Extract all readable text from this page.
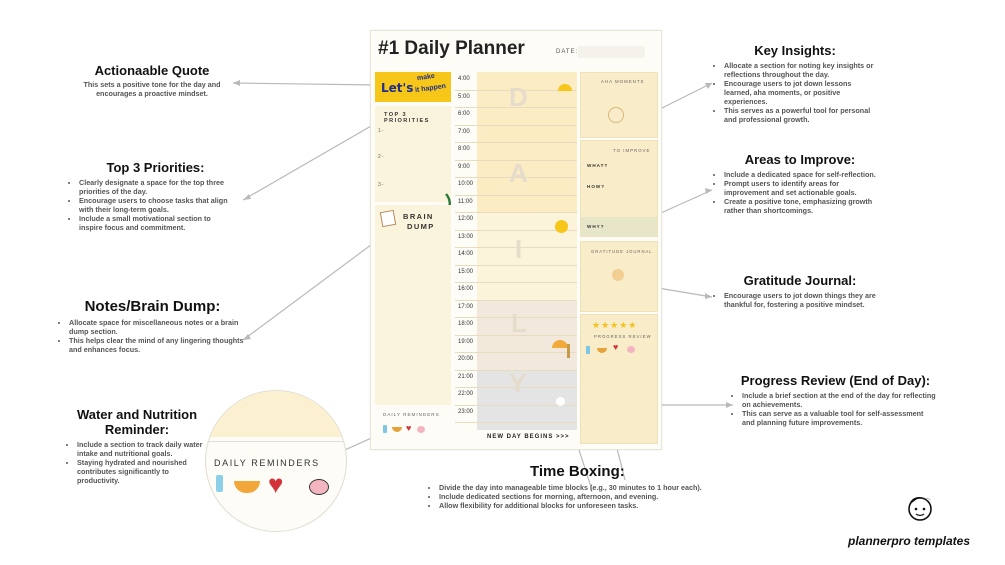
#1 Daily Planner	DATE:
Let's
make
it happen
TOP 3 PRIORITIES
1-
2-
3-
BRAIN
DUMP
DAILY REMINDERS
♥
4:00
5:00
6:00
7:00
8:00
9:00
10:00
11:00
12:00
13:00
14:00
15:00
16:00
17:00
18:00
19:00
20:00
21:00
22:00
23:00
D
A
I
L
Y
NEW DAY BEGINS >>>
AHA MOMENTS
TO IMPROVE
WHAT?
HOW?
WHY?
GRATITUDE JOURNAL
★★★★★
PROGRESS REVIEW
♥
DAILY REMINDERS
♥
Actionaable Quote

This sets a positive tone for the day and encourages a proactive mindset.

Top 3 Priorities:
• Clearly designate a space for the top three priorities of the day.
• Encourage users to choose tasks that align with their long-term goals.
• Include a small motivational section to inspire focus and commitment.
Notes/Brain Dump:
• Allocate space for miscellaneous notes or a brain dump section.
• This helps clear the mind of any lingering thoughts and enhances focus.
Water and Nutrition
Reminder:
• Include a section to track daily water intake and nutritional goals.
• Staying hydrated and nourished contributes significantly to productivity.
Time Boxing:
• Divide the day into manageable time blocks (e.g., 30 minutes to 1 hour each).
• Include dedicated sections for morning, afternoon, and evening.
• Allow flexibility for additional blocks for unforeseen tasks.
Key Insights:
• Allocate a section for noting key insights or reflections throughout the day.
• Encourage users to jot down lessons learned, aha moments, or positive experiences.
• This serves as a powerful tool for personal and professional growth.
Areas to Improve:
• Include a dedicated space for self-reflection.
• Prompt users to identify areas for improvement and set actionable goals.
• Create a positive tone, emphasizing growth rather than shortcomings.
Gratitude Journal:
• Encourage users to jot down things they are thankful for, fostering a positive mindset.
Progress Review (End of Day):
• Include a brief section at the end of the day for reflecting on achievements.
• This can serve as a valuable tool for self-assessment and planning future improvements.
plannerpro templates
